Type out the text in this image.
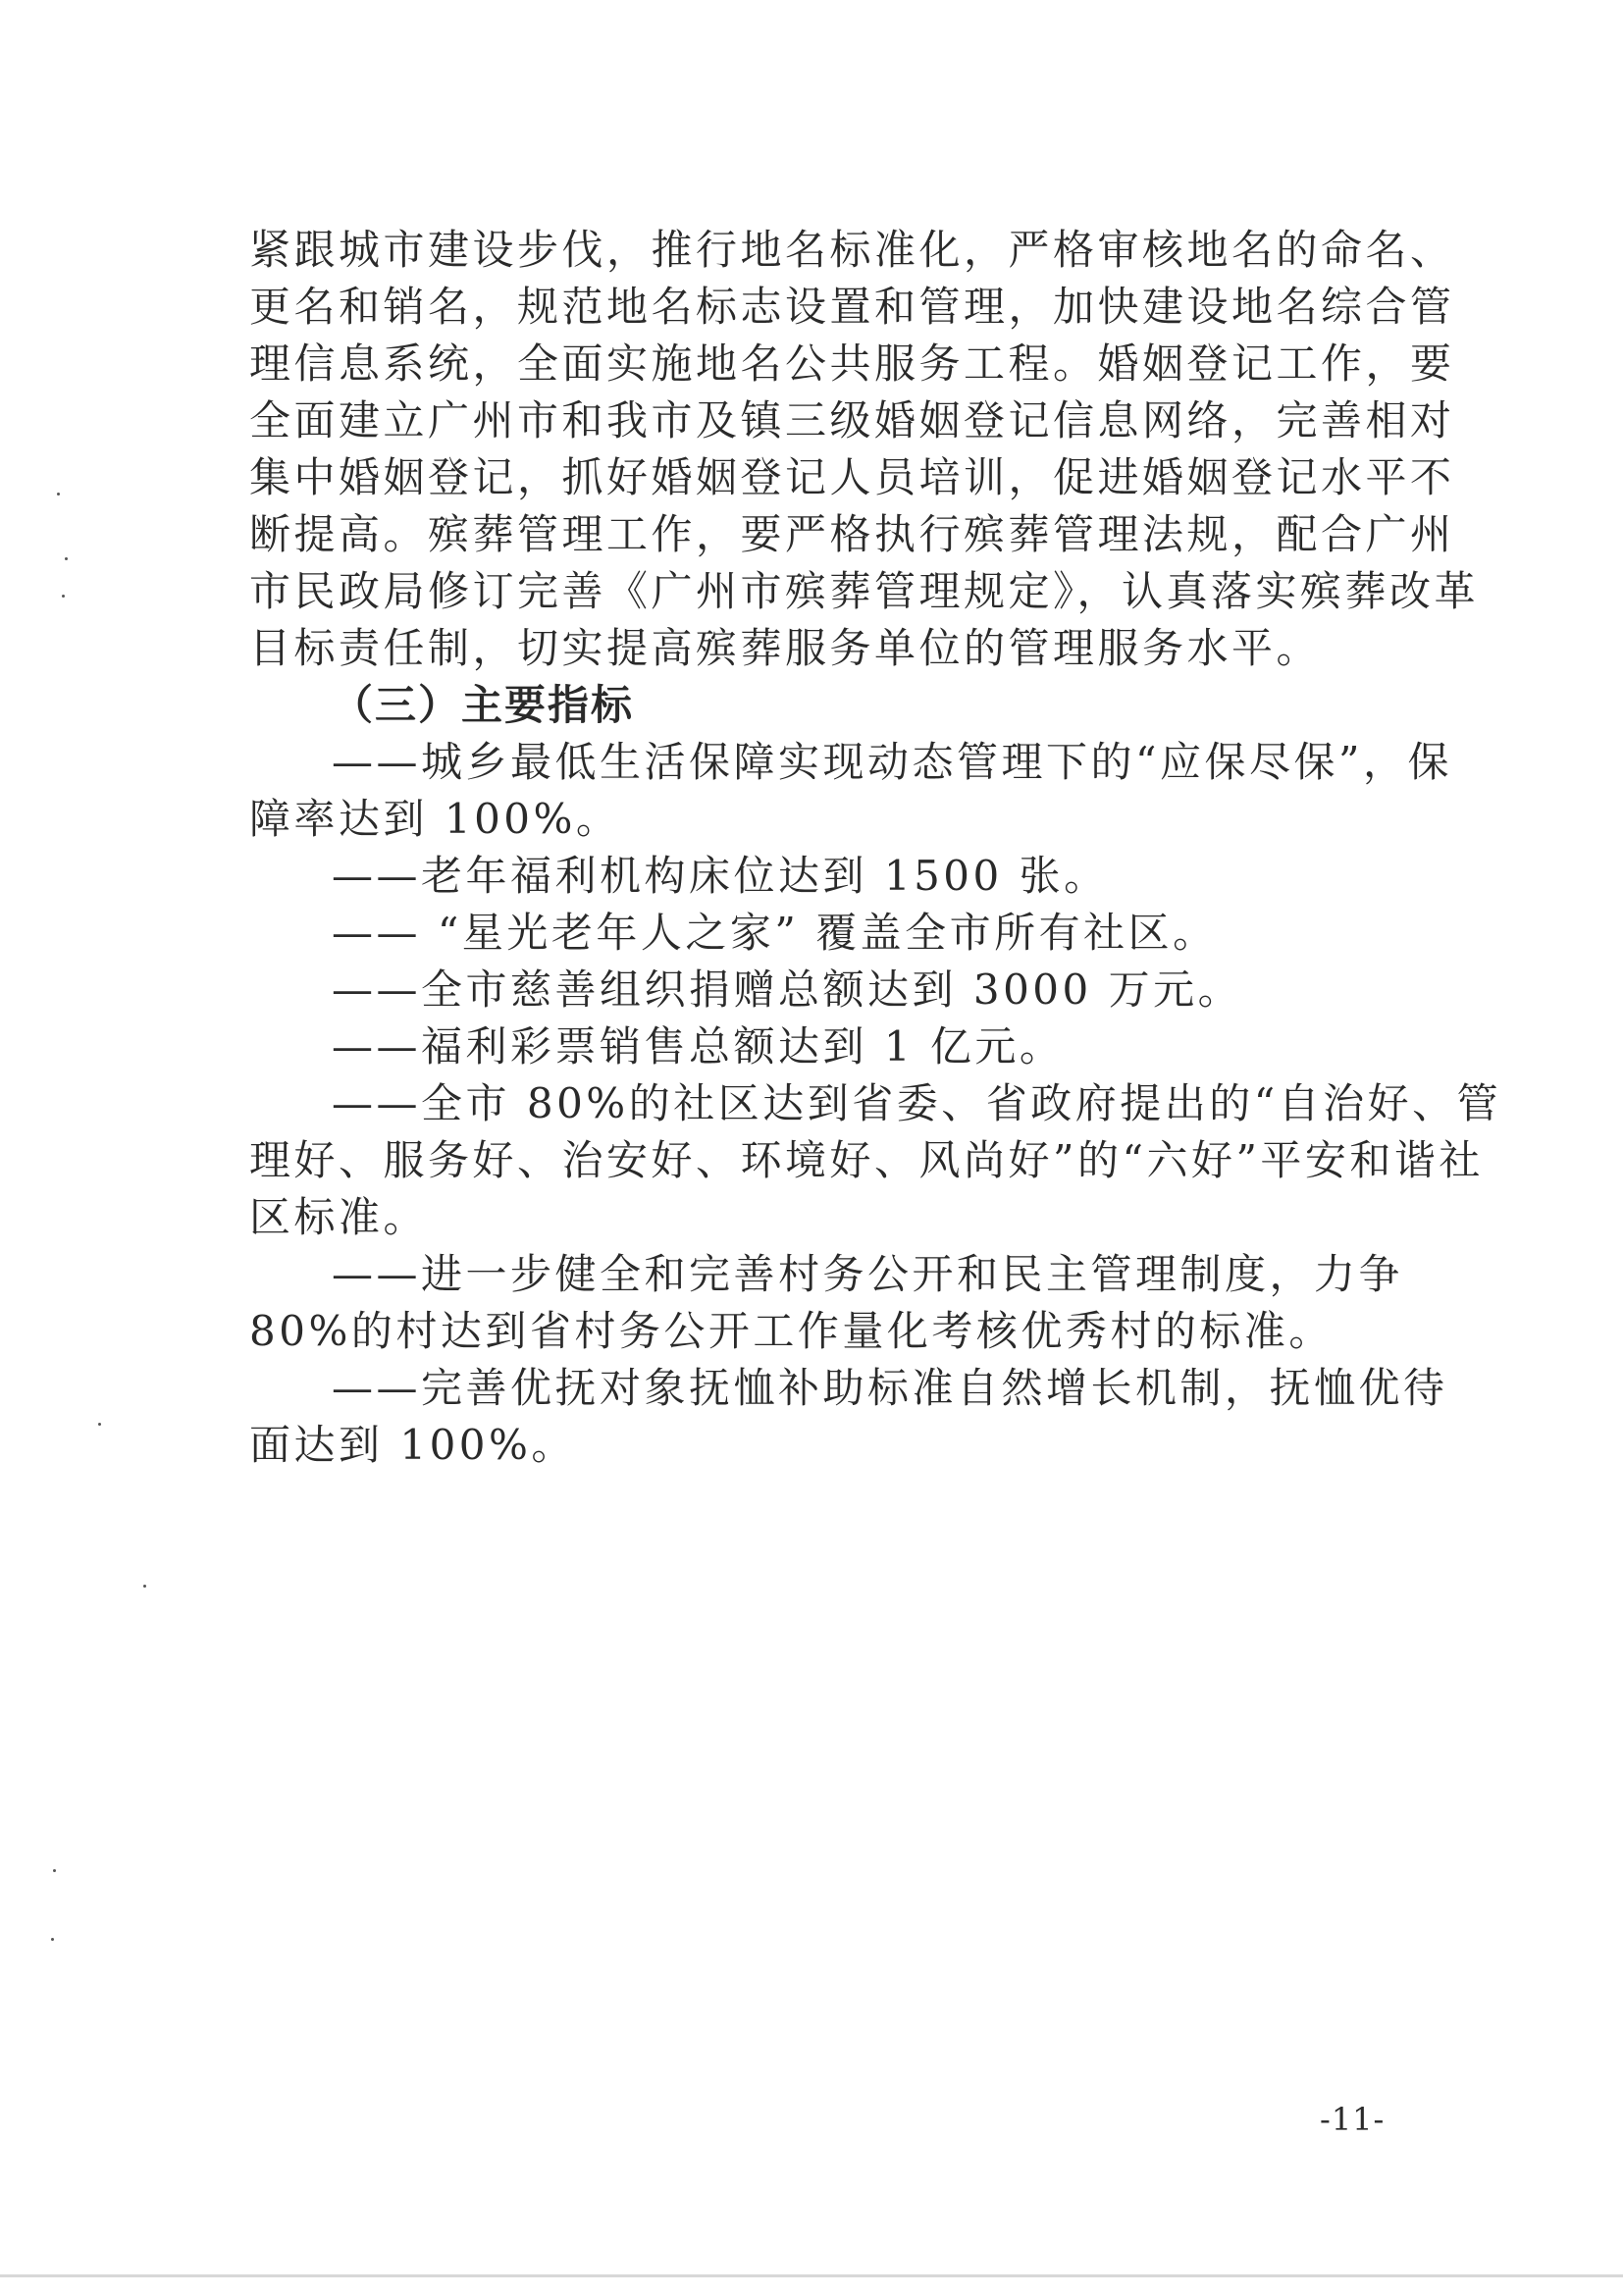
紧跟城市建设步伐，推行地名标准化，严格审核地名的命名、
更名和销名，规范地名标志设置和管理，加快建设地名综合管
理信息系统，全面实施地名公共服务工程。婚姻登记工作，要
全面建立广州市和我市及镇三级婚姻登记信息网络，完善相对
集中婚姻登记，抓好婚姻登记人员培训，促进婚姻登记水平不
断提高。殡葬管理工作，要严格执行殡葬管理法规，配合广州
市民政局修订完善《广州市殡葬管理规定》，认真落实殡葬改革
目标责任制，切实提高殡葬服务单位的管理服务水平。
（三）主要指标
——城乡最低生活保障实现动态管理下的“应保尽保”，保
障率达到 100%。
——老年福利机构床位达到 1500 张。
—— “星光老年人之家” 覆盖全市所有社区。
——全市慈善组织捐赠总额达到 3000 万元。
——福利彩票销售总额达到 1 亿元。
——全市 80%的社区达到省委、省政府提出的“自治好、管
理好、服务好、治安好、环境好、风尚好”的“六好”平安和谐社
区标准。
——进一步健全和完善村务公开和民主管理制度，力争
80%的村达到省村务公开工作量化考核优秀村的标准。
——完善优抚对象抚恤补助标准自然增长机制，抚恤优待
面达到 100%。
-11-
